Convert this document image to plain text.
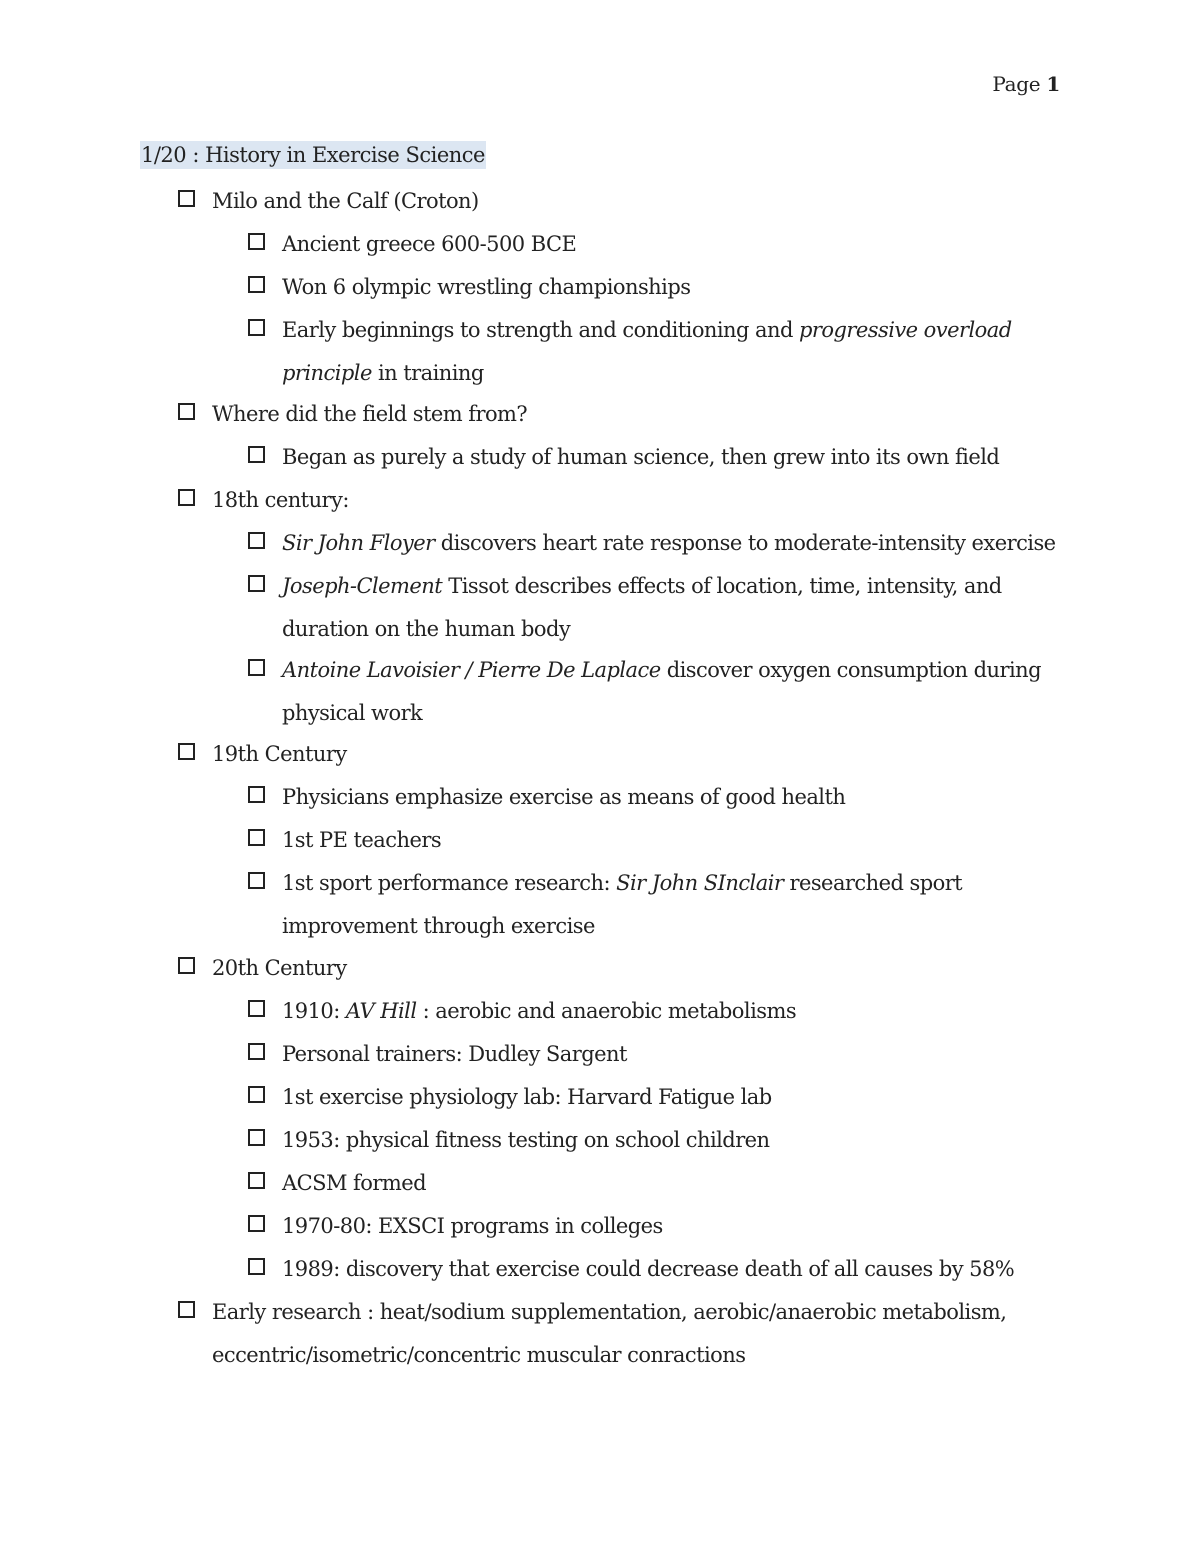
Page 1
1/20 : History in Exercise Science
Milo and the Calf (Croton)
Ancient greece 600-500 BCE
Won 6 olympic wrestling championships
Early beginnings to strength and conditioning and progressive overload principle in training
Where did the field stem from?
Began as purely a study of human science, then grew into its own field
18th century:
Sir John Floyer discovers heart rate response to moderate-intensity exercise
Joseph-Clement Tissot describes effects of location, time, intensity, and duration on the human body
Antoine Lavoisier / Pierre De Laplace discover oxygen consumption during physical work
19th Century
Physicians emphasize exercise as means of good health
1st PE teachers
1st sport performance research: Sir John SInclair researched sport improvement through exercise
20th Century
1910: AV Hill : aerobic and anaerobic metabolisms
Personal trainers: Dudley Sargent
1st exercise physiology lab: Harvard Fatigue lab
1953: physical fitness testing on school children
ACSM formed
1970-80: EXSCI programs in colleges
1989: discovery that exercise could decrease death of all causes by 58%
Early research : heat/sodium supplementation, aerobic/anaerobic metabolism, eccentric/isometric/concentric muscular conractions
